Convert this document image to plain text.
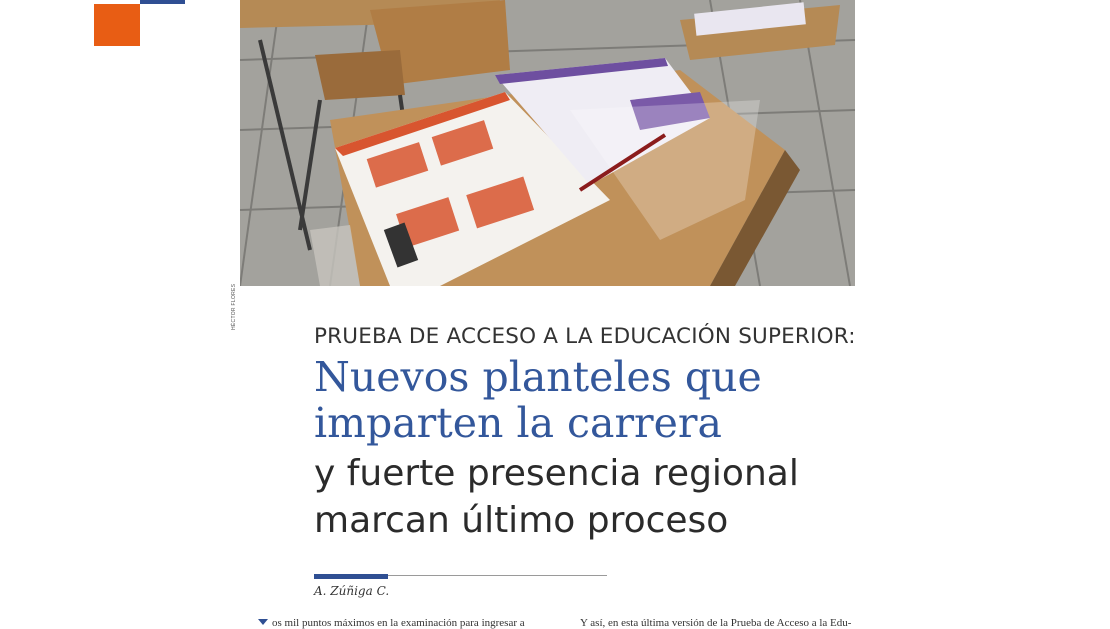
HÉCTOR FLORES
PRUEBA DE ACCESO A LA EDUCACIÓN SUPERIOR:
Nuevos planteles que
imparten la carrera
y fuerte presencia regional
marcan último proceso
A. Zúñiga C.
os mil puntos máximos en la examinación para ingresar a	Y así, en esta última versión de la Prueba de Acceso a la Edu-
